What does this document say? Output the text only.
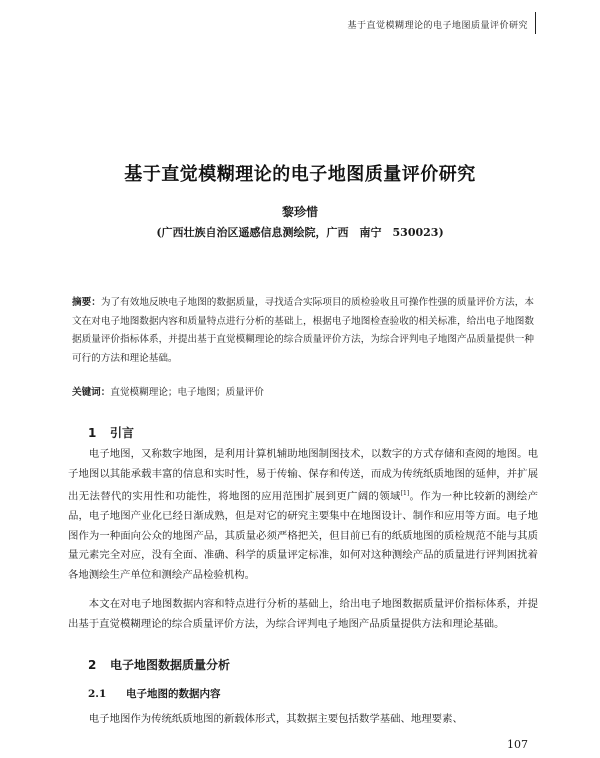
基于直觉模糊理论的电子地图质量评价研究
基于直觉模糊理论的电子地图质量评价研究
黎珍惜
(广西壮族自治区遥感信息测绘院，广西　南宁　530023)
摘要：为了有效地反映电子地图的数据质量，寻找适合实际项目的质检验收且可操作性强的质量评价方法，本文在对电子地图数据内容和质量特点进行分析的基础上，根据电子地图检查验收的相关标准，给出电子地图数据质量评价指标体系，并提出基于直觉模糊理论的综合质量评价方法，为综合评判电子地图产品质量提供一种可行的方法和理论基础。
关键词：直觉模糊理论；电子地图；质量评价
1 引言
电子地图，又称数字地图，是利用计算机辅助地图制图技术，以数字的方式存储和查阅的地图。电子地图以其能承载丰富的信息和实时性，易于传输、保存和传送，而成为传统纸质地图的延伸，并扩展出无法替代的实用性和功能性，将地图的应用范围扩展到更广阔的领域[1]。作为一种比较新的测绘产品，电子地图产业化已经日渐成熟，但是对它的研究主要集中在地图设计、制作和应用等方面。电子地图作为一种面向公众的地图产品，其质量必须严格把关，但目前已有的纸质地图的质检规范不能与其质量元素完全对应，没有全面、准确、科学的质量评定标准，如何对这种测绘产品的质量进行评判困扰着各地测绘生产单位和测绘产品检验机构。
本文在对电子地图数据内容和特点进行分析的基础上，给出电子地图数据质量评价指标体系，并提出基于直觉模糊理论的综合质量评价方法，为综合评判电子地图产品质量提供方法和理论基础。
2 电子地图数据质量分析
2.1 电子地图的数据内容
电子地图作为传统纸质地图的新载体形式，其数据主要包括数学基础、地理要素、
107
